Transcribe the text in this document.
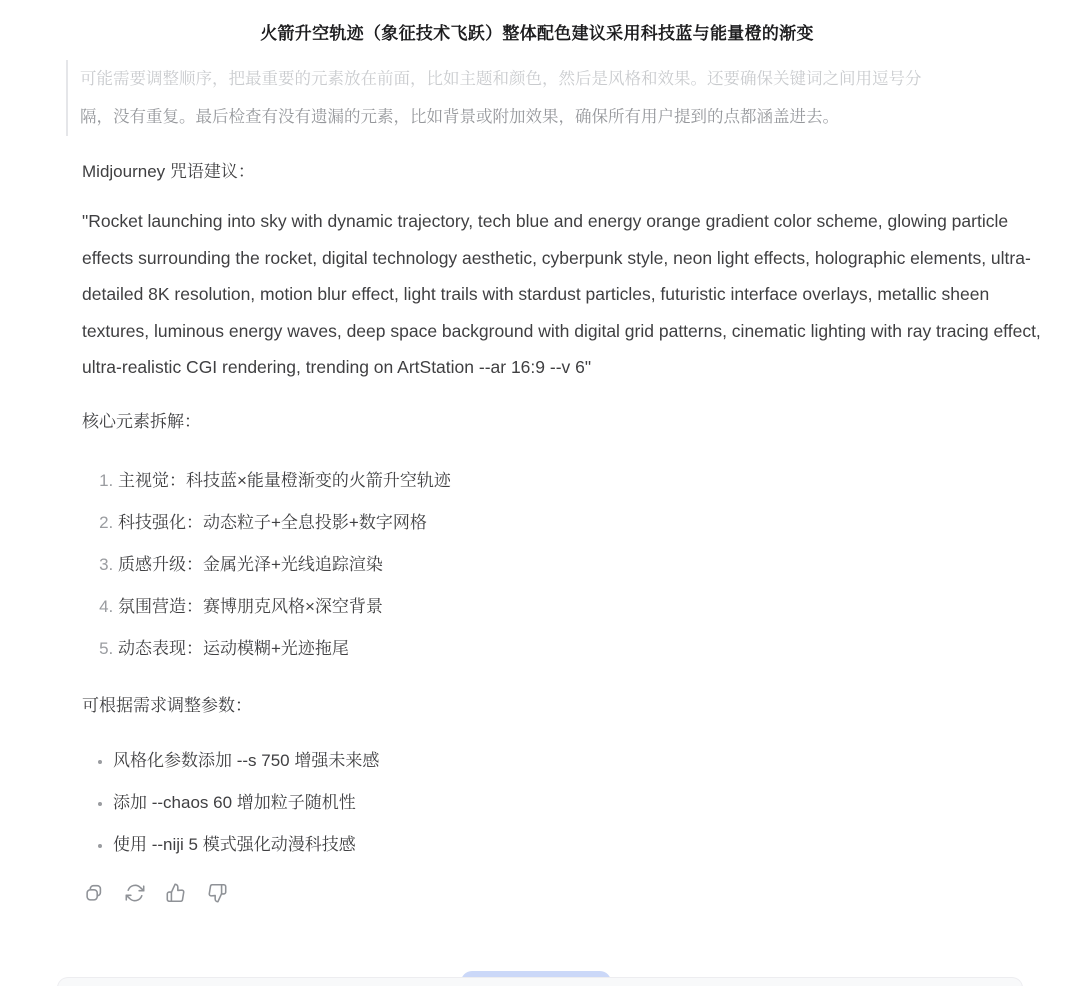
火箭升空轨迹（象征技术飞跃）整体配色建议采用科技蓝与能量橙的渐变
可能需要调整顺序，把最重要的元素放在前面，比如主题和颜色，然后是风格和效果。还要确保关键词之间用逗号分
隔，没有重复。最后检查有没有遗漏的元素，比如背景或附加效果，确保所有用户提到的点都涵盖进去。
Midjourney 咒语建议：
"Rocket launching into sky with dynamic trajectory, tech blue and energy orange gradient color scheme, glowing particle effects surrounding the rocket, digital technology aesthetic, cyberpunk style, neon light effects, holographic elements, ultra-detailed 8K resolution, motion blur effect, light trails with stardust particles, futuristic interface overlays, metallic sheen textures, luminous energy waves, deep space background with digital grid patterns, cinematic lighting with ray tracing effect, ultra-realistic CGI rendering, trending on ArtStation --ar 16:9 --v 6"
核心元素拆解：
1. 主视觉：科技蓝×能量橙渐变的火箭升空轨迹
2. 科技强化：动态粒子+全息投影+数字网格
3. 质感升级：金属光泽+光线追踪渲染
4. 氛围营造：赛博朋克风格×深空背景
5. 动态表现：运动模糊+光迹拖尾
可根据需求调整参数：
• 风格化参数添加 --s 750 增强未来感
• 添加 --chaos 60 增加粒子随机性
• 使用 --niji 5 模式强化动漫科技感
